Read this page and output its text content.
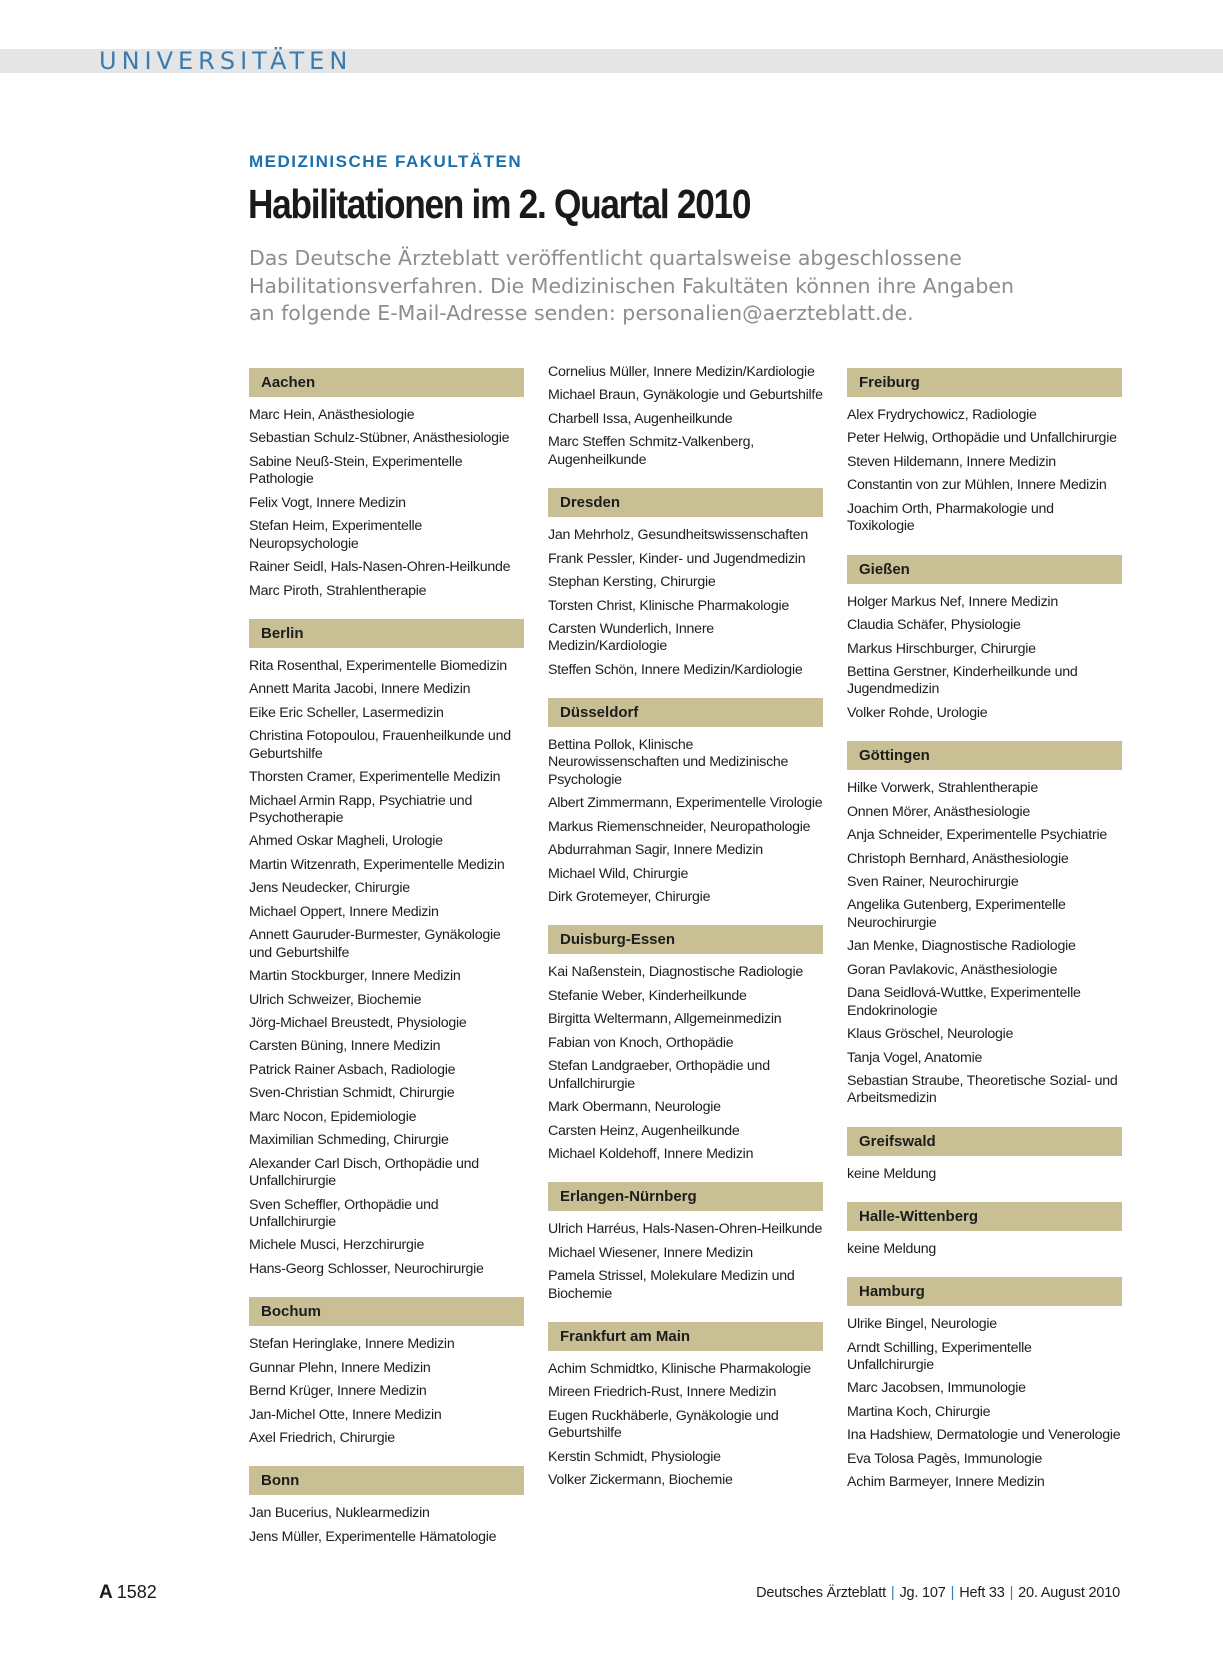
UNIVERSITÄTEN
MEDIZINISCHE FAKULTÄTEN
Habilitationen im 2. Quartal 2010

Das Deutsche Ärzteblatt veröffentlicht quartalsweise abgeschlossene Habilitationsverfahren. Die Medizinischen Fakultäten können ihre Angaben an folgende E-Mail-Adresse senden: personalien@aerzteblatt.de.

Aachen
Marc Hein, Anästhesiologie
Sebastian Schulz-Stübner, Anästhesiologie
Sabine Neuß-Stein, Experimentelle Pathologie
Felix Vogt, Innere Medizin
Stefan Heim, Experimentelle Neuropsychologie
Rainer Seidl, Hals-Nasen-Ohren-Heilkunde
Marc Piroth, Strahlentherapie
Berlin
Rita Rosenthal, Experimentelle Biomedizin
Annett Marita Jacobi, Innere Medizin
Eike Eric Scheller, Lasermedizin
Christina Fotopoulou, Frauenheilkunde und Geburtshilfe
Thorsten Cramer, Experimentelle Medizin
Michael Armin Rapp, Psychiatrie und Psychotherapie
Ahmed Oskar Magheli, Urologie
Martin Witzenrath, Experimentelle Medizin
Jens Neudecker, Chirurgie
Michael Oppert, Innere Medizin
Annett Gauruder-Burmester, Gynäkologie und Geburtshilfe
Martin Stockburger, Innere Medizin
Ulrich Schweizer, Biochemie
Jörg-Michael Breustedt, Physiologie
Carsten Büning, Innere Medizin
Patrick Rainer Asbach, Radiologie
Sven-Christian Schmidt, Chirurgie
Marc Nocon, Epidemiologie
Maximilian Schmeding, Chirurgie
Alexander Carl Disch, Orthopädie und Unfallchirurgie
Sven Scheffler, Orthopädie und Unfallchirurgie
Michele Musci, Herzchirurgie
Hans-Georg Schlosser, Neurochirurgie
Bochum
Stefan Heringlake, Innere Medizin
Gunnar Plehn, Innere Medizin
Bernd Krüger, Innere Medizin
Jan-Michel Otte, Innere Medizin
Axel Friedrich, Chirurgie
Bonn
Jan Bucerius, Nuklearmedizin
Jens Müller, Experimentelle Hämatologie
Cornelius Müller, Innere Medizin/Kardiologie
Michael Braun, Gynäkologie und Geburtshilfe
Charbell Issa, Augenheilkunde
Marc Steffen Schmitz-Valkenberg, Augenheilkunde
Dresden
Jan Mehrholz, Gesundheitswissenschaften
Frank Pessler, Kinder- und Jugendmedizin
Stephan Kersting, Chirurgie
Torsten Christ, Klinische Pharmakologie
Carsten Wunderlich, Innere Medizin/Kardiologie
Steffen Schön, Innere Medizin/Kardiologie
Düsseldorf
Bettina Pollok, Klinische Neurowissenschaften und Medizinische Psychologie
Albert Zimmermann, Experimentelle Virologie
Markus Riemenschneider, Neuropathologie
Abdurrahman Sagir, Innere Medizin
Michael Wild, Chirurgie
Dirk Grotemeyer, Chirurgie
Duisburg-Essen
Kai Naßenstein, Diagnostische Radiologie
Stefanie Weber, Kinderheilkunde
Birgitta Weltermann, Allgemeinmedizin
Fabian von Knoch, Orthopädie
Stefan Landgraeber, Orthopädie und Unfallchirurgie
Mark Obermann, Neurologie
Carsten Heinz, Augenheilkunde
Michael Koldehoff, Innere Medizin
Erlangen-Nürnberg
Ulrich Harréus, Hals-Nasen-Ohren-Heilkunde
Michael Wiesener, Innere Medizin
Pamela Strissel, Molekulare Medizin und Biochemie
Frankfurt am Main
Achim Schmidtko, Klinische Pharmakologie
Mireen Friedrich-Rust, Innere Medizin
Eugen Ruckhäberle, Gynäkologie und Geburtshilfe
Kerstin Schmidt, Physiologie
Volker Zickermann, Biochemie
Freiburg
Alex Frydrychowicz, Radiologie
Peter Helwig, Orthopädie und Unfallchirurgie
Steven Hildemann, Innere Medizin
Constantin von zur Mühlen, Innere Medizin
Joachim Orth, Pharmakologie und Toxikologie
Gießen
Holger Markus Nef, Innere Medizin
Claudia Schäfer, Physiologie
Markus Hirschburger, Chirurgie
Bettina Gerstner, Kinderheilkunde und Jugendmedizin
Volker Rohde, Urologie
Göttingen
Hilke Vorwerk, Strahlentherapie
Onnen Mörer, Anästhesiologie
Anja Schneider, Experimentelle Psychiatrie
Christoph Bernhard, Anästhesiologie
Sven Rainer, Neurochirurgie
Angelika Gutenberg, Experimentelle Neurochirurgie
Jan Menke, Diagnostische Radiologie
Goran Pavlakovic, Anästhesiologie
Dana Seidlová-Wuttke, Experimentelle Endokrinologie
Klaus Gröschel, Neurologie
Tanja Vogel, Anatomie
Sebastian Straube, Theoretische Sozial- und Arbeitsmedizin
Greifswald
keine Meldung
Halle-Wittenberg
keine Meldung
Hamburg
Ulrike Bingel, Neurologie
Arndt Schilling, Experimentelle Unfallchirurgie
Marc Jacobsen, Immunologie
Martina Koch, Chirurgie
Ina Hadshiew, Dermatologie und Venerologie
Eva Tolosa Pagès, Immunologie
Achim Barmeyer, Innere Medizin
A 1582	Deutsches Ärzteblatt | Jg. 107 | Heft 33 | 20. August 2010
